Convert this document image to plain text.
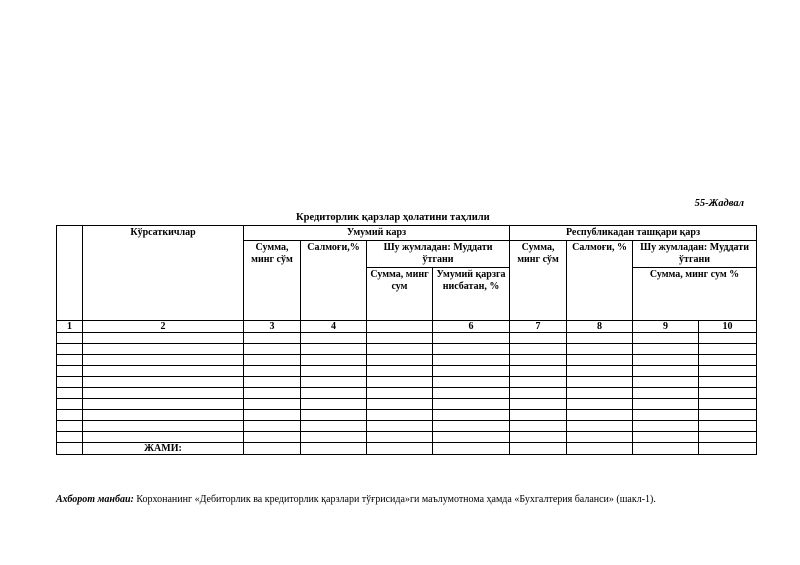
55-Жадвал
Кредиторлик қарзлар ҳолатини таҳлили
	Кўрсаткичлар	Умумий карз				Республикадан ташқари қарз			
		Сумма, минг сўм	Салмоғи,%	Шу жумладан: Муддати ўтгани		Сумма, минг сўм	Салмоғи, %	Шу жумладан: Муддати ўтгани	
				Сумма, минг сум	Умумий қарзга нисбатан, %			Сумма, минг сум %	
1	2	3	4		6	7	8	9	10

	ЖАМИ:								
Ахборот манбаи: Корхонанинг «Дебиторлик ва кредиторлик қарзлари тўғрисида»ги маълумотнома ҳамда «Бухгалтерия баланси» (шакл-1).
